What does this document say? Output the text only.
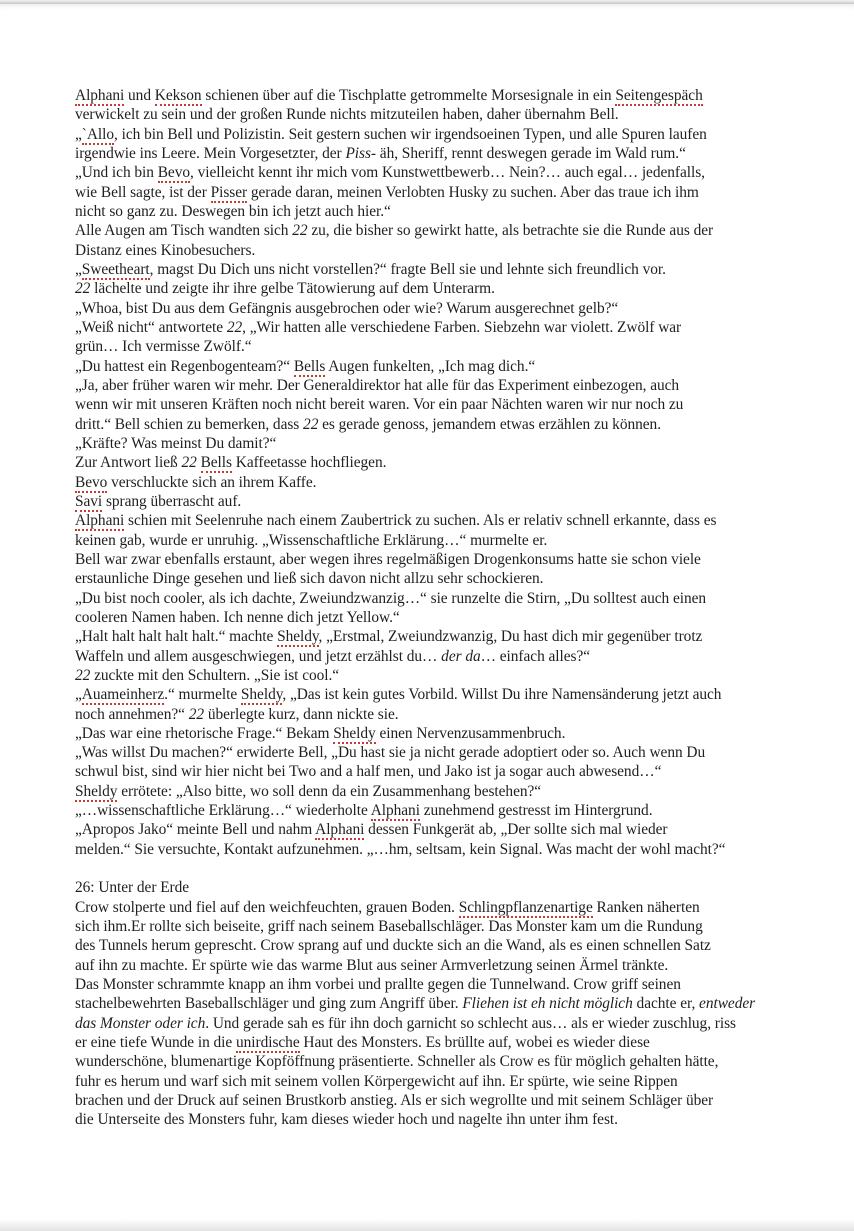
Alphani und Kekson schienen über auf die Tischplatte getrommelte Morsesignale in ein Seitengespäch
verwickelt zu sein und der großen Runde nichts mitzuteilen haben, daher übernahm Bell.
„`Allo, ich bin Bell und Polizistin. Seit gestern suchen wir irgendsoeinen Typen, und alle Spuren laufen
irgendwie ins Leere. Mein Vorgesetzter, der Piss- äh, Sheriff, rennt deswegen gerade im Wald rum.“
„Und ich bin Bevo, vielleicht kennt ihr mich vom Kunstwettbewerb… Nein?… auch egal… jedenfalls,
wie Bell sagte, ist der Pisser gerade daran, meinen Verlobten Husky zu suchen. Aber das traue ich ihm
nicht so ganz zu. Deswegen bin ich jetzt auch hier.“
Alle Augen am Tisch wandten sich 22 zu, die bisher so gewirkt hatte, als betrachte sie die Runde aus der
Distanz eines Kinobesuchers.
„Sweetheart, magst Du Dich uns nicht vorstellen?“ fragte Bell sie und lehnte sich freundlich vor.
22 lächelte und zeigte ihr ihre gelbe Tätowierung auf dem Unterarm.
„Whoa, bist Du aus dem Gefängnis ausgebrochen oder wie? Warum ausgerechnet gelb?“
„Weiß nicht“ antwortete 22, „Wir hatten alle verschiedene Farben. Siebzehn war violett. Zwölf war
grün… Ich vermisse Zwölf.“
„Du hattest ein Regenbogenteam?“ Bells Augen funkelten, „Ich mag dich.“
„Ja, aber früher waren wir mehr. Der Generaldirektor hat alle für das Experiment einbezogen, auch
wenn wir mit unseren Kräften noch nicht bereit waren. Vor ein paar Nächten waren wir nur noch zu
dritt.“ Bell schien zu bemerken, dass 22 es gerade genoss, jemandem etwas erzählen zu können.
„Kräfte? Was meinst Du damit?“
Zur Antwort ließ 22 Bells Kaffeetasse hochfliegen.
Bevo verschluckte sich an ihrem Kaffe.
Savi sprang überrascht auf.
Alphani schien mit Seelenruhe nach einem Zaubertrick zu suchen. Als er relativ schnell erkannte, dass es
keinen gab, wurde er unruhig. „Wissenschaftliche Erklärung…“ murmelte er.
Bell war zwar ebenfalls erstaunt, aber wegen ihres regelmäßigen Drogenkonsums hatte sie schon viele
erstaunliche Dinge gesehen und ließ sich davon nicht allzu sehr schockieren.
„Du bist noch cooler, als ich dachte, Zweiundzwanzig…“ sie runzelte die Stirn, „Du solltest auch einen
cooleren Namen haben. Ich nenne dich jetzt Yellow.“
„Halt halt halt halt halt.“ machte Sheldy, „Erstmal, Zweiundzwanzig, Du hast dich mir gegenüber trotz
Waffeln und allem ausgeschwiegen, und jetzt erzählst du… der da… einfach alles?“
22 zuckte mit den Schultern. „Sie ist cool.“
„Auameinherz.“ murmelte Sheldy, „Das ist kein gutes Vorbild. Willst Du ihre Namensänderung jetzt auch
noch annehmen?“ 22 überlegte kurz, dann nickte sie.
„Das war eine rhetorische Frage.“ Bekam Sheldy einen Nervenzusammenbruch.
„Was willst Du machen?“ erwiderte Bell, „Du hast sie ja nicht gerade adoptiert oder so. Auch wenn Du
schwul bist, sind wir hier nicht bei Two and a half men, und Jako ist ja sogar auch abwesend…“
Sheldy errötete: „Also bitte, wo soll denn da ein Zusammenhang bestehen?“
„…wissenschaftliche Erklärung…“ wiederholte Alphani zunehmend gestresst im Hintergrund.
„Apropos Jako“ meinte Bell und nahm Alphani dessen Funkgerät ab, „Der sollte sich mal wieder
melden.“ Sie versuchte, Kontakt aufzunehmen. „…hm, seltsam, kein Signal. Was macht der wohl macht?“

26: Unter der Erde
Crow stolperte und fiel auf den weichfeuchten, grauen Boden. Schlingpflanzenartige Ranken näherten
sich ihm.Er rollte sich beiseite, griff nach seinem Baseballschläger. Das Monster kam um die Rundung
des Tunnels herum geprescht. Crow sprang auf und duckte sich an die Wand, als es einen schnellen Satz
auf ihn zu machte. Er spürte wie das warme Blut aus seiner Armverletzung seinen Ärmel tränkte.
Das Monster schrammte knapp an ihm vorbei und prallte gegen die Tunnelwand. Crow griff seinen
stachelbewehrten Baseballschläger und ging zum Angriff über. Fliehen ist eh nicht möglich dachte er, entweder
das Monster oder ich. Und gerade sah es für ihn doch garnicht so schlecht aus… als er wieder zuschlug, riss
er eine tiefe Wunde in die unirdische Haut des Monsters. Es brüllte auf, wobei es wieder diese
wunderschöne, blumenartige Kopföffnung präsentierte. Schneller als Crow es für möglich gehalten hätte,
fuhr es herum und warf sich mit seinem vollen Körpergewicht auf ihn. Er spürte, wie seine Rippen
brachen und der Druck auf seinen Brustkorb anstieg. Als er sich wegrollte und mit seinem Schläger über
die Unterseite des Monsters fuhr, kam dieses wieder hoch und nagelte ihn unter ihm fest.
